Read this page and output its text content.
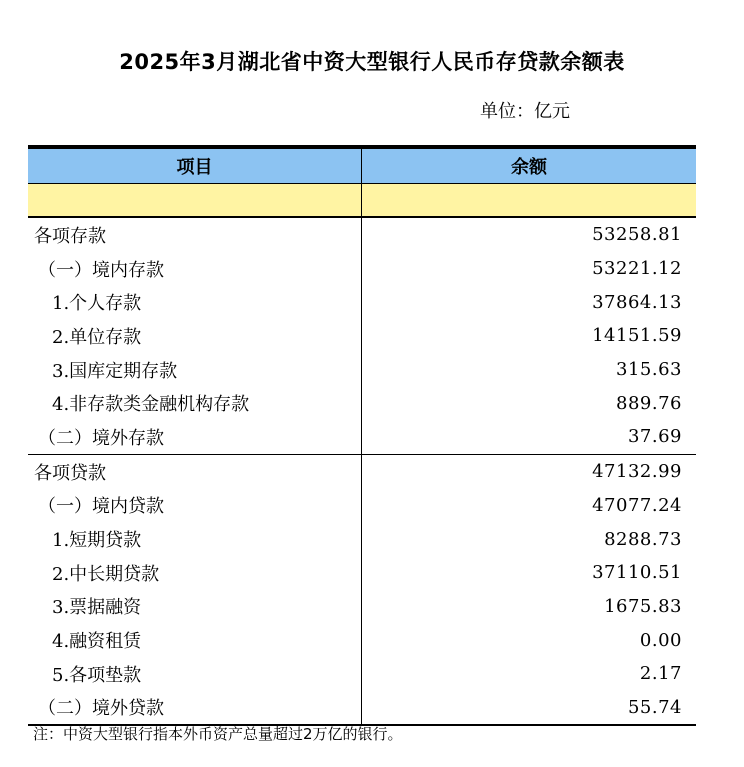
2025年3月湖北省中资大型银行人民币存贷款余额表
单位：亿元
项目	余额
各项存款	53258.81
（一）境内存款	53221.12
1.个人存款	37864.13
2.单位存款	14151.59
3.国库定期存款	315.63
4.非存款类金融机构存款	889.76
（二）境外存款	37.69
各项贷款	47132.99
（一）境内贷款	47077.24
1.短期贷款	8288.73
2.中长期贷款	37110.51
3.票据融资	1675.83
4.融资租赁	0.00
5.各项垫款	2.17
（二）境外贷款	55.74
注：中资大型银行指本外币资产总量超过2万亿的银行。
